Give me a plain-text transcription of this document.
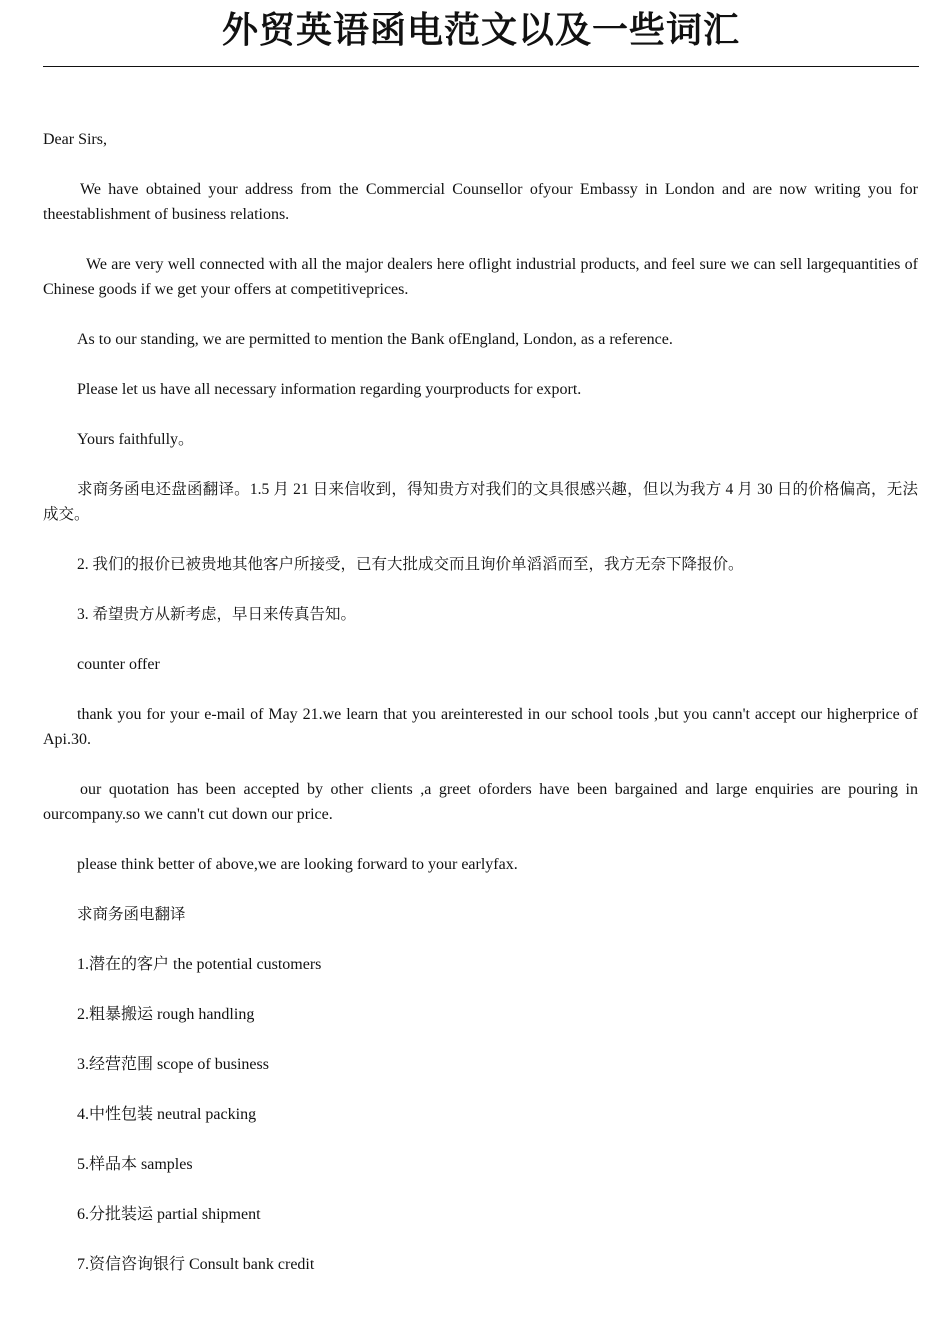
外贸英语函电范文以及一些词汇

Dear Sirs,

We have obtained your address from the Commercial Counsellor ofyour Embassy in London and are now writing you for theestablishment of business relations.

We are very well connected with all the major dealers here oflight industrial products, and feel sure we can sell largequantities of Chinese goods if we get your offers at competitiveprices.

As to our standing, we are permitted to mention the Bank ofEngland, London, as a reference.

Please let us have all necessary information regarding yourproducts for export.

Yours faithfully。

求商务函电还盘函翻译。1.5 月 21 日来信收到，得知贵方对我们的文具很感兴趣，但以为我方 4 月 30 日的价格偏高，无法成交。

2. 我们的报价已被贵地其他客户所接受，已有大批成交而且询价单滔滔而至，我方无奈下降报价。

3. 希望贵方从新考虑，早日来传真告知。

counter offer

thank you for your e-mail of May 21.we learn that you areinterested in our school tools ,but you cann't accept our higherprice of Api.30.

our quotation has been accepted by other clients ,a greet oforders have been bargained and large enquiries are pouring in ourcompany.so we cann't cut down our price.

please think better of above,we are looking forward to your earlyfax.

求商务函电翻译

1.潜在的客户 the potential customers

2.粗暴搬运 rough handling

3.经营范围 scope of business

4.中性包装 neutral packing

5.样品本 samples

6.分批装运 partial shipment

7.资信咨询银行 Consult bank credit
